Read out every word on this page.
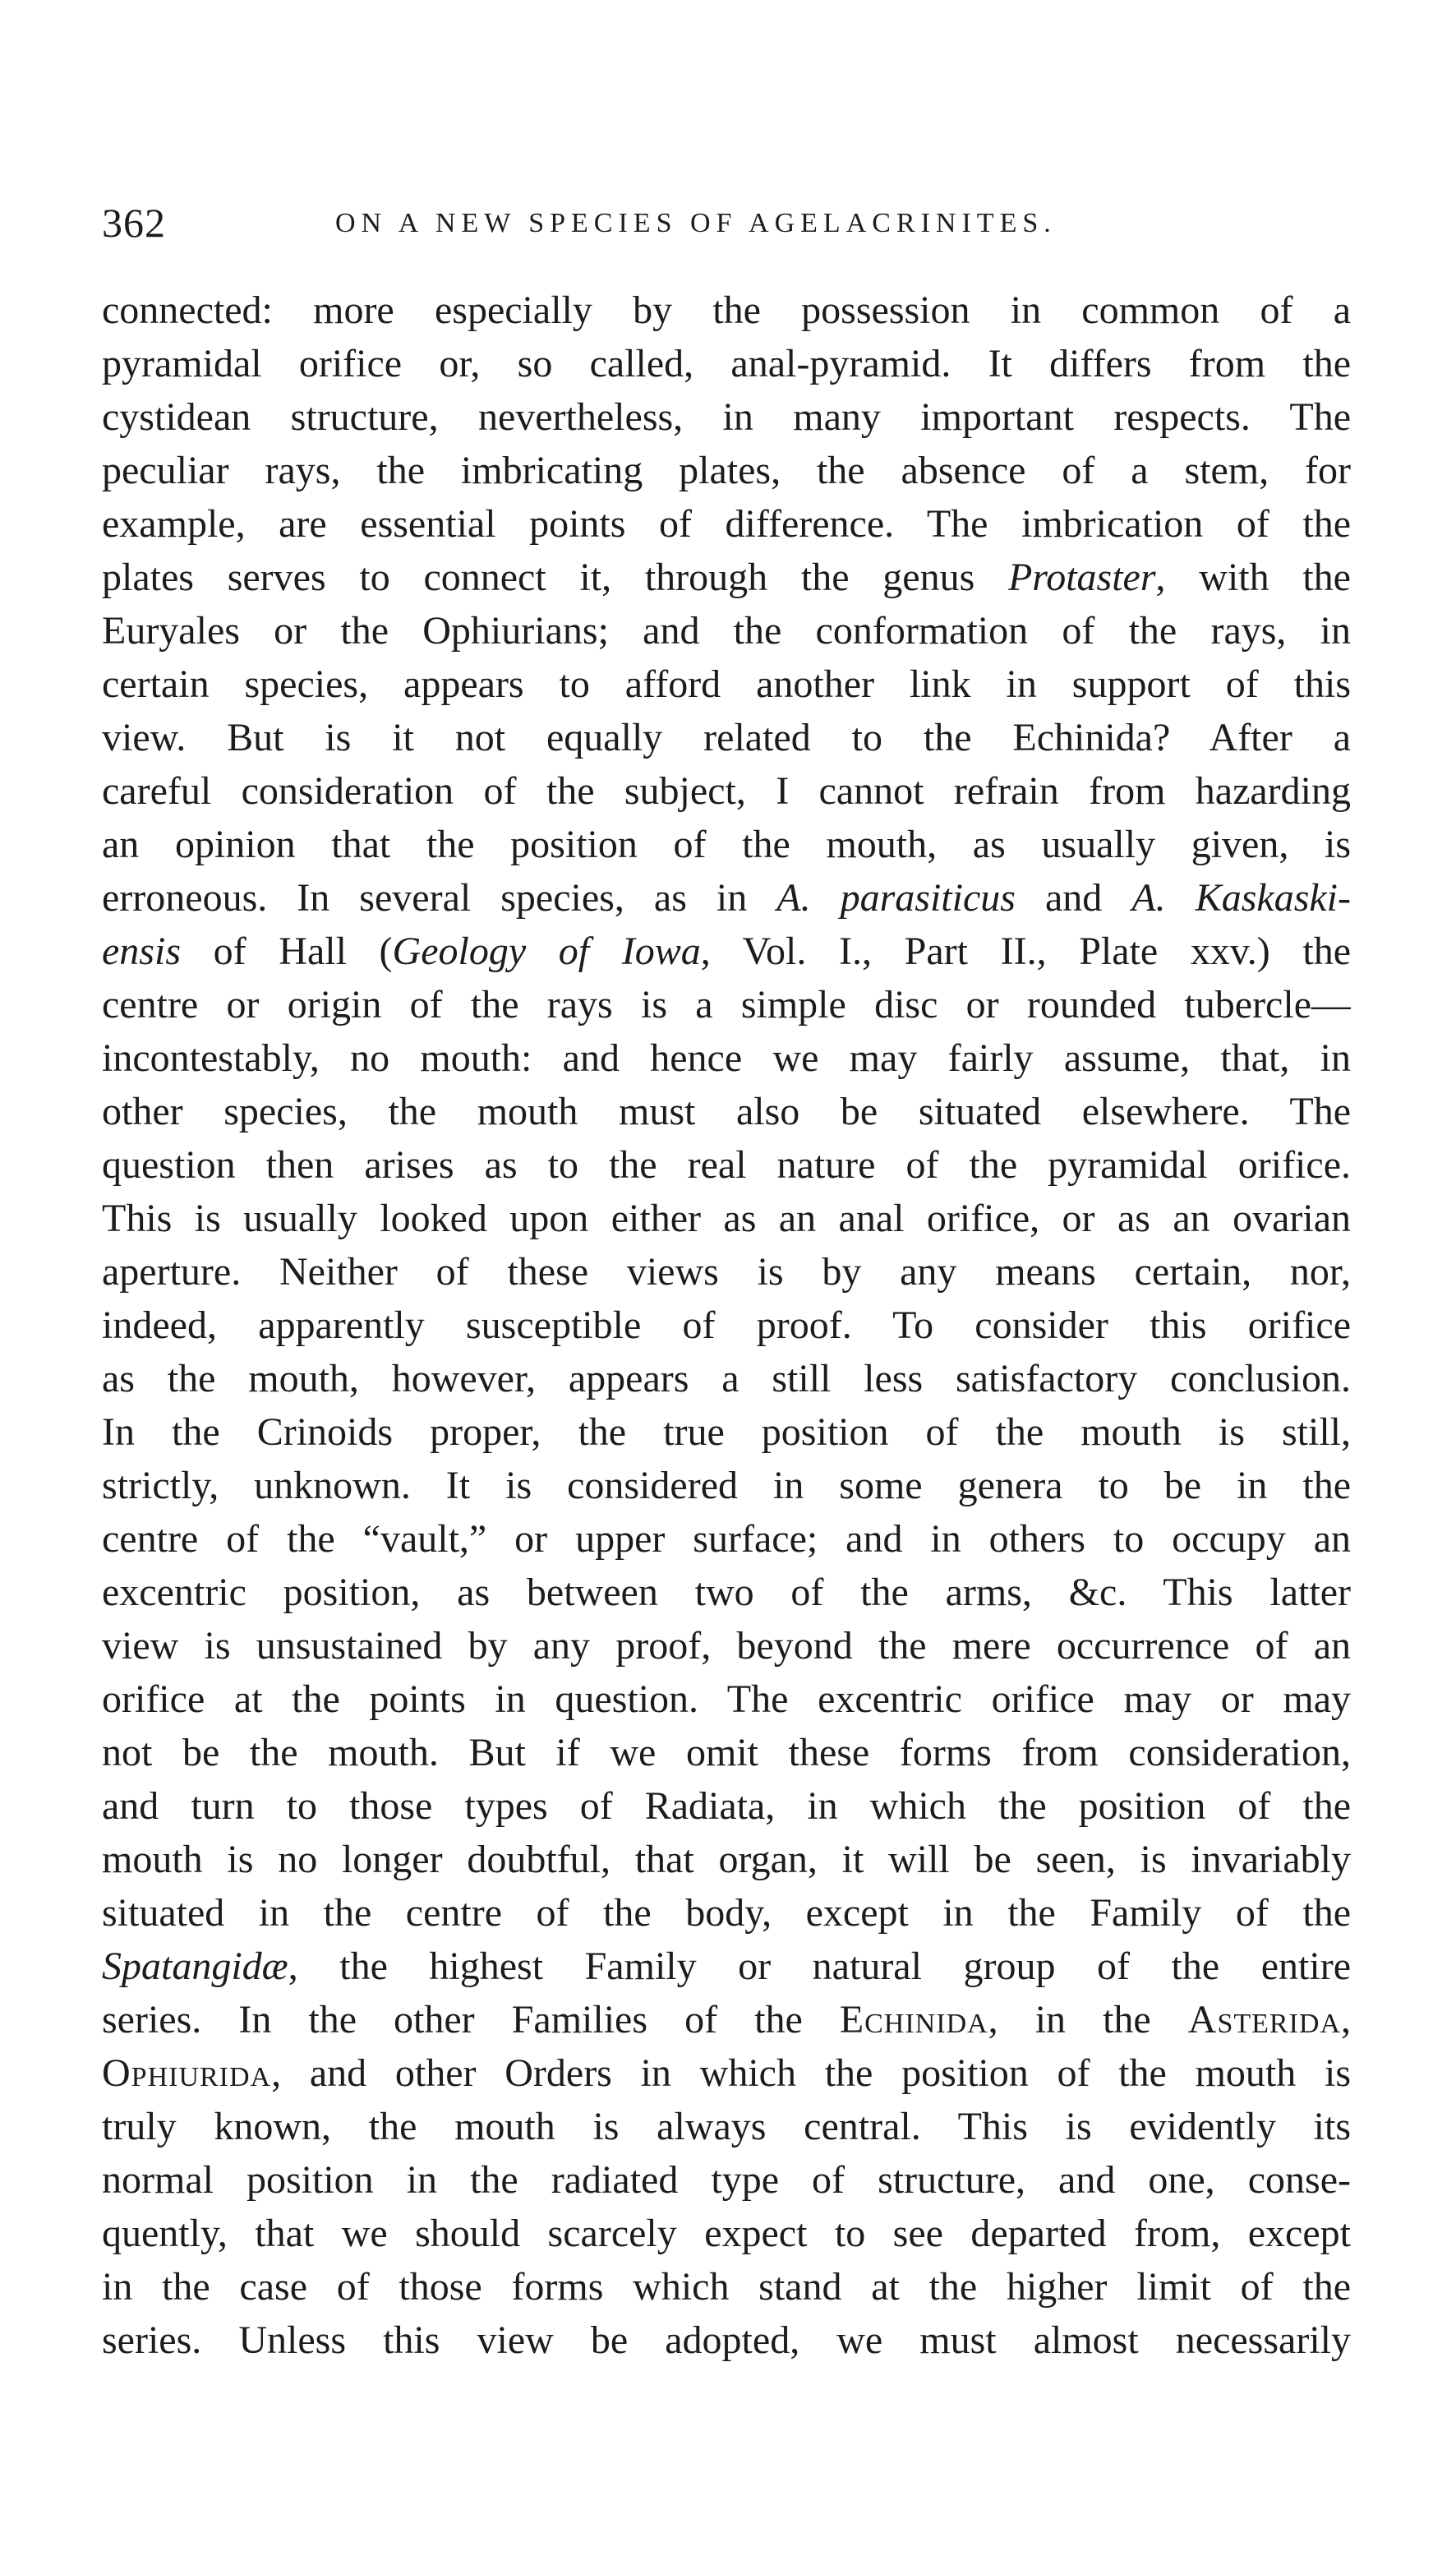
362	ON A NEW SPECIES OF AGELACRINITES.
connected: more especially by the possession in common of a
pyramidal orifice or, so called, anal-pyramid. It differs from the
cystidean structure, nevertheless, in many important respects. The
peculiar rays, the imbricating plates, the absence of a stem, for
example, are essential points of difference. The imbrication of the
plates serves to connect it, through the genus Protaster, with the
Euryales or the Ophiurians; and the conformation of the rays, in
certain species, appears to afford another link in support of this
view. But is it not equally related to the Echinida? After a
careful consideration of the subject, I cannot refrain from hazarding
an opinion that the position of the mouth, as usually given, is
erroneous. In several species, as in A. parasiticus and A. Kaskaski-
ensis of Hall (Geology of Iowa, Vol. I., Part II., Plate xxv.) the
centre or origin of the rays is a simple disc or rounded tubercle—
incontestably, no mouth: and hence we may fairly assume, that, in
other species, the mouth must also be situated elsewhere. The
question then arises as to the real nature of the pyramidal orifice.
This is usually looked upon either as an anal orifice, or as an ovarian
aperture. Neither of these views is by any means certain, nor,
indeed, apparently susceptible of proof. To consider this orifice
as the mouth, however, appears a still less satisfactory conclusion.
In the Crinoids proper, the true position of the mouth is still,
strictly, unknown. It is considered in some genera to be in the
centre of the “vault,” or upper surface; and in others to occupy an
excentric position, as between two of the arms, &c. This latter
view is unsustained by any proof, beyond the mere occurrence of an
orifice at the points in question. The excentric orifice may or may
not be the mouth. But if we omit these forms from consideration,
and turn to those types of Radiata, in which the position of the
mouth is no longer doubtful, that organ, it will be seen, is invariably
situated in the centre of the body, except in the Family of the
Spatangidæ, the highest Family or natural group of the entire
series. In the other Families of the Echinida, in the Asterida,
Ophiurida, and other Orders in which the position of the mouth is
truly known, the mouth is always central. This is evidently its
normal position in the radiated type of structure, and one, conse-
quently, that we should scarcely expect to see departed from, except
in the case of those forms which stand at the higher limit of the
series. Unless this view be adopted, we must almost necessarily
